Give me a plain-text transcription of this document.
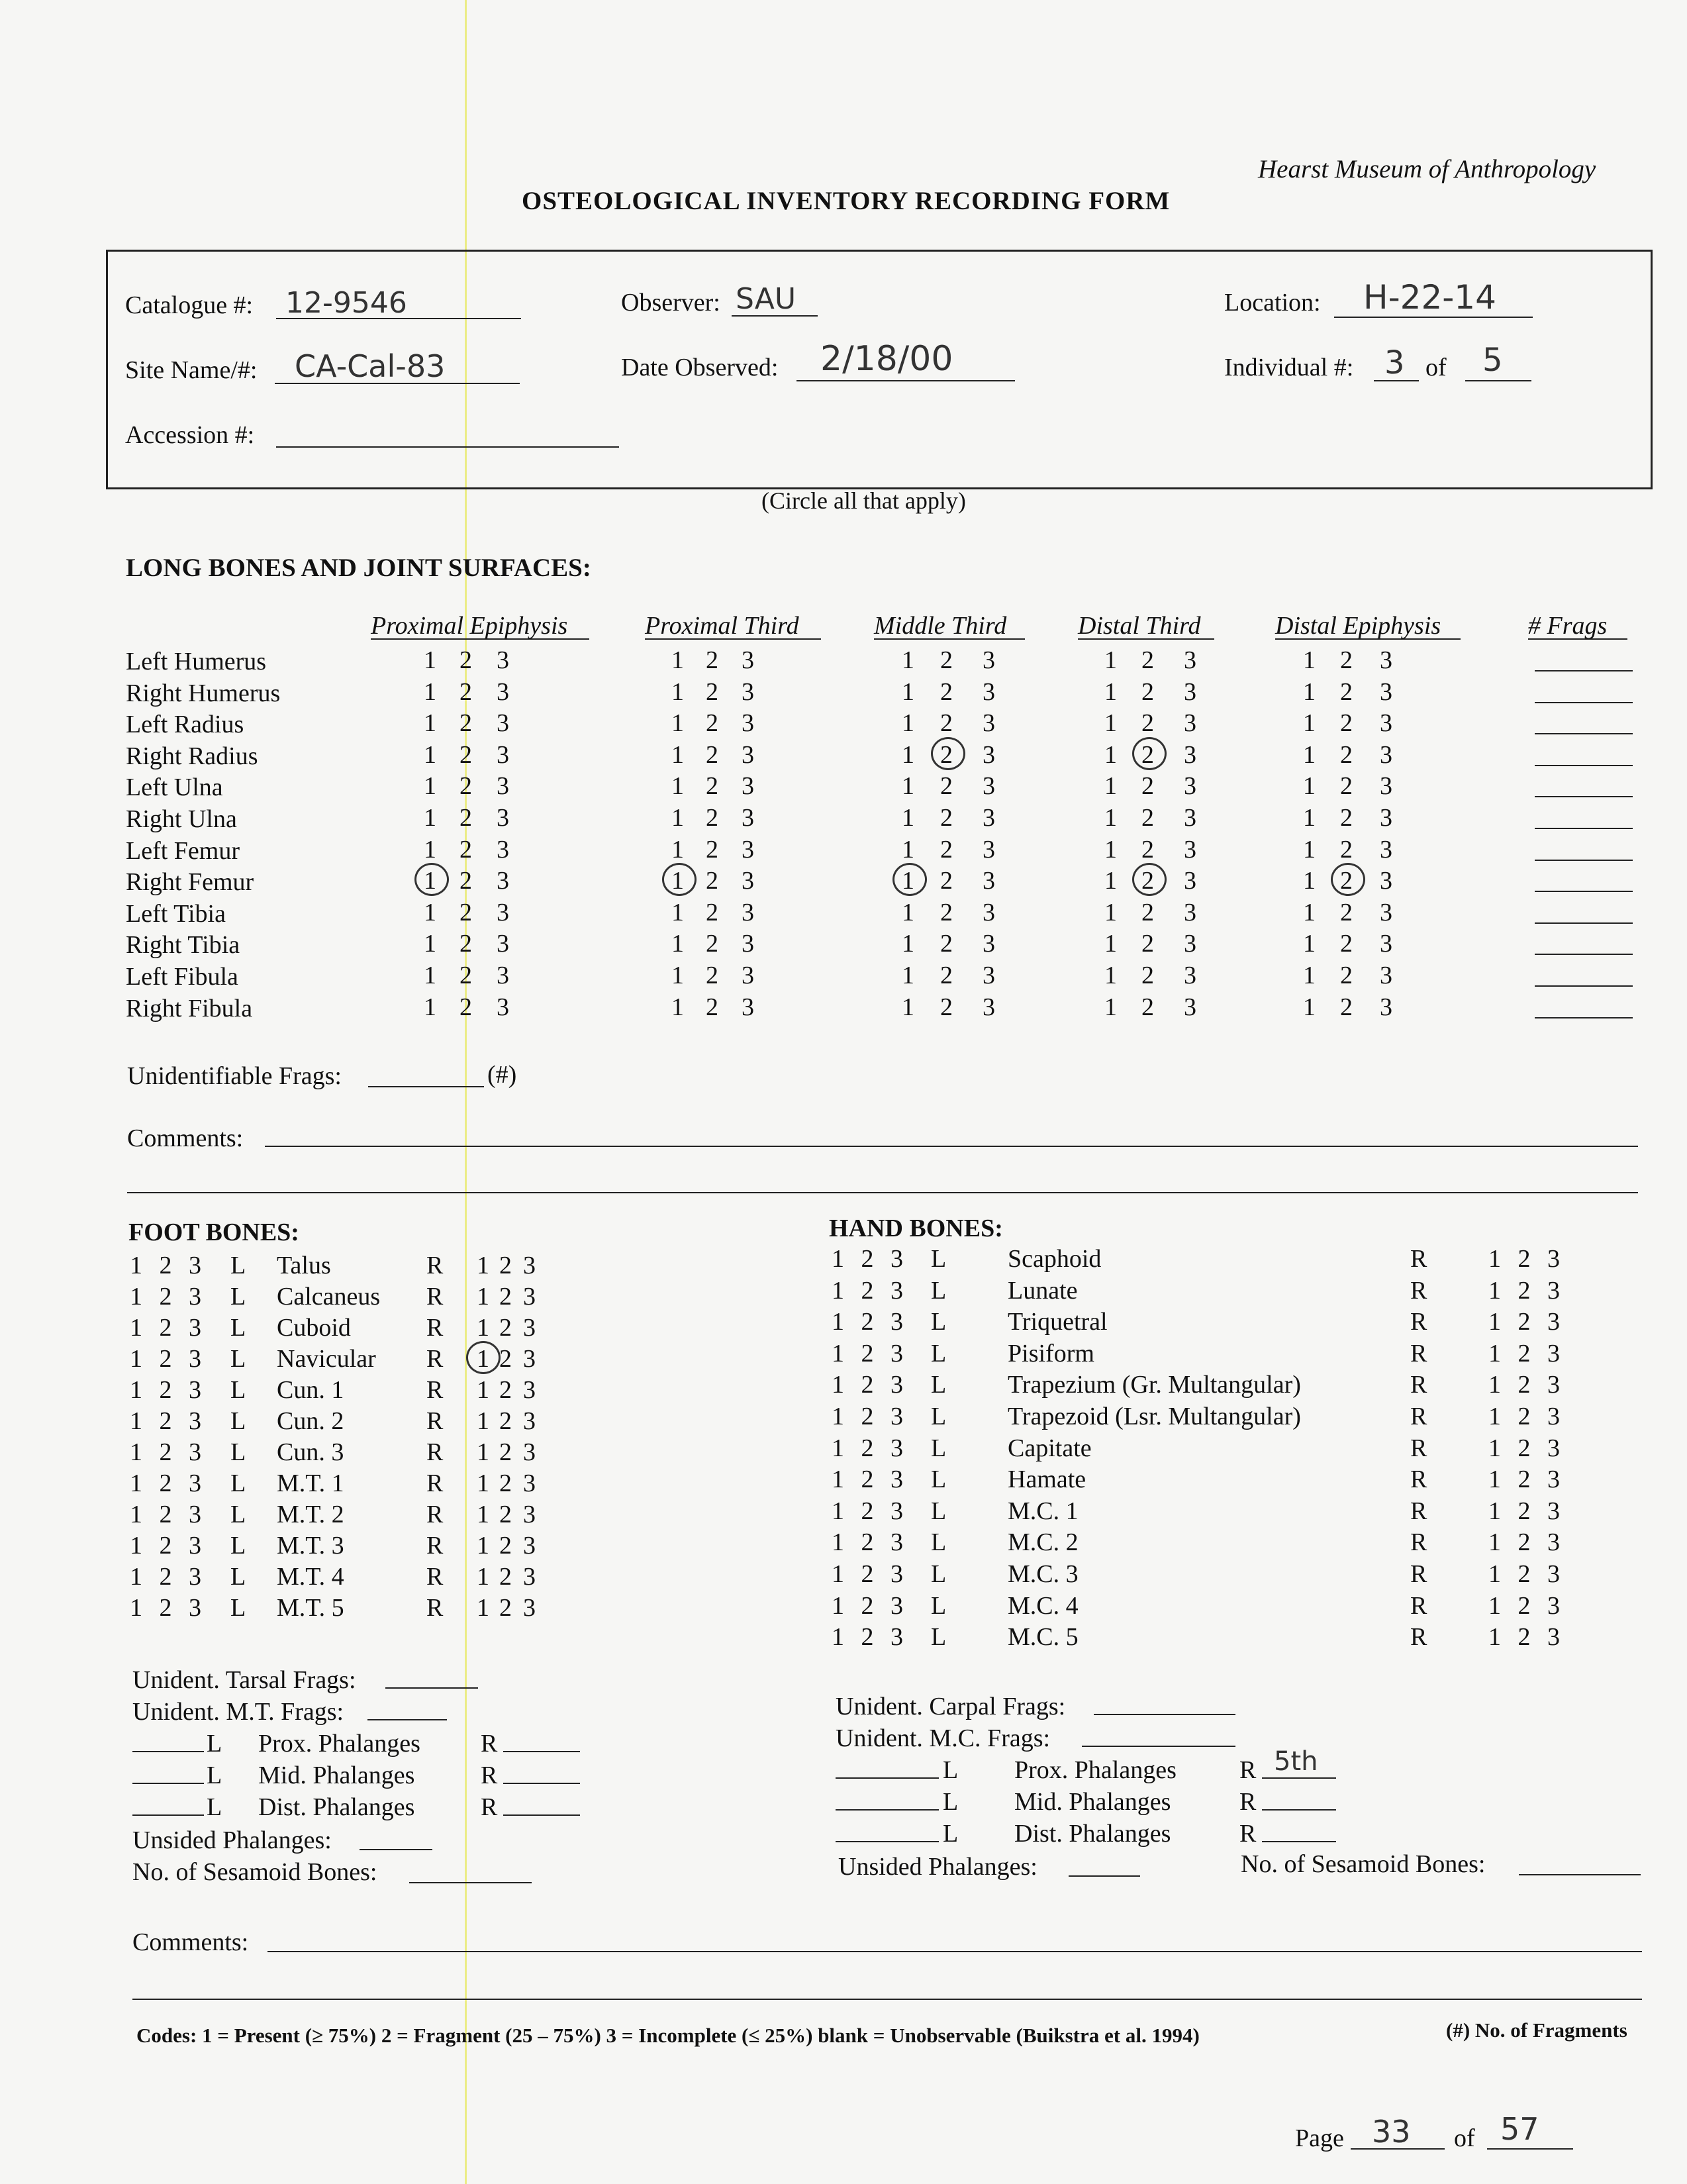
Hearst Museum of Anthropology
OSTEOLOGICAL INVENTORY RECORDING FORM
Catalogue #: 12-9546	Observer: SAU	Location: H-22-14
Site Name/#: CA-Cal-83	Date Observed: 2/18/00	Individual #: 3 of 5
Accession #:
(Circle all that apply)
LONG BONES AND JOINT SURFACES:
Proximal Epiphysis	Proximal Third	Middle Third	Distal Third	Distal Epiphysis	# Frags
Left Humerus	1 2 3	1 2 3	1 2 3	1 2 3	1 2 3
Right Humerus	1 2 3	1 2 3	1 2 3	1 2 3	1 2 3
Left Radius	1 2 3	1 2 3	1 2 3	1 2 3	1 2 3
Right Radius	1 2 3	1 2 3	1 2 3	1 2 3	1 2 3
Left Ulna	1 2 3	1 2 3	1 2 3	1 2 3	1 2 3
Right Ulna	1 2 3	1 2 3	1 2 3	1 2 3	1 2 3
Left Femur	1 2 3	1 2 3	1 2 3	1 2 3	1 2 3
Right Femur	1 2 3	1 2 3	1 2 3	1 2 3	1 2 3
Left Tibia	1 2 3	1 2 3	1 2 3	1 2 3	1 2 3
Right Tibia	1 2 3	1 2 3	1 2 3	1 2 3	1 2 3
Left Fibula	1 2 3	1 2 3	1 2 3	1 2 3	1 2 3
Right Fibula	1 2 3	1 2 3	1 2 3	1 2 3	1 2 3
Unidentifiable Frags:	(#)
Comments:
FOOT BONES:
1 2 3 L Talus	R 1 2 3
1 2 3 L Calcaneus R 1 2 3
1 2 3 L Cuboid	R 1 2 3
1 2 3 L Navicular R 1 2 3
1 2 3 L Cun. 1	R 1 2 3
1 2 3 L Cun. 2	R 1 2 3
1 2 3 L Cun. 3	R 1 2 3
1 2 3 L M.T. 1	R 1 2 3
1 2 3 L M.T. 2	R 1 2 3
1 2 3 L M.T. 3	R 1 2 3
1 2 3 L M.T. 4	R 1 2 3
1 2 3 L M.T. 5	R 1 2 3
Unident. Tarsal Frags:
Unident. M.T. Frags:
L Prox. Phalanges R
L Mid. Phalanges	R
L Dist. Phalanges	R
Unsided Phalanges:
No. of Sesamoid Bones:
HAND BONES:
1 2 3 L Scaphoid	R 1 2 3
1 2 3 L Lunate	R 1 2 3
1 2 3 L Triquetral	R 1 2 3
1 2 3 L Pisiform	R 1 2 3
1 2 3 L Trapezium (Gr. Multangular)	R 1 2 3
1 2 3 L Trapezoid (Lsr. Multangular)	R 1 2 3
1 2 3 L Capitate	R 1 2 3
1 2 3 L Hamate	R 1 2 3
1 2 3 L M.C. 1	R 1 2 3
1 2 3 L M.C. 2	R 1 2 3
1 2 3 L M.C. 3	R 1 2 3
1 2 3 L M.C. 4	R 1 2 3
1 2 3 L M.C. 5	R 1 2 3
Unident. Carpal Frags:
Unident. M.C. Frags:
L Prox. Phalanges	R 5th
L Mid. Phalanges	R
L Dist. Phalanges	R
Unsided Phalanges:	No. of Sesamoid Bones:
Comments:
Codes: 1 = Present (≥ 75%) 2 = Fragment (25 – 75%) 3 = Incomplete (≤ 25%) blank = Unobservable (Buikstra et al. 1994)	(#) No. of Fragments
Page 33 of 57
